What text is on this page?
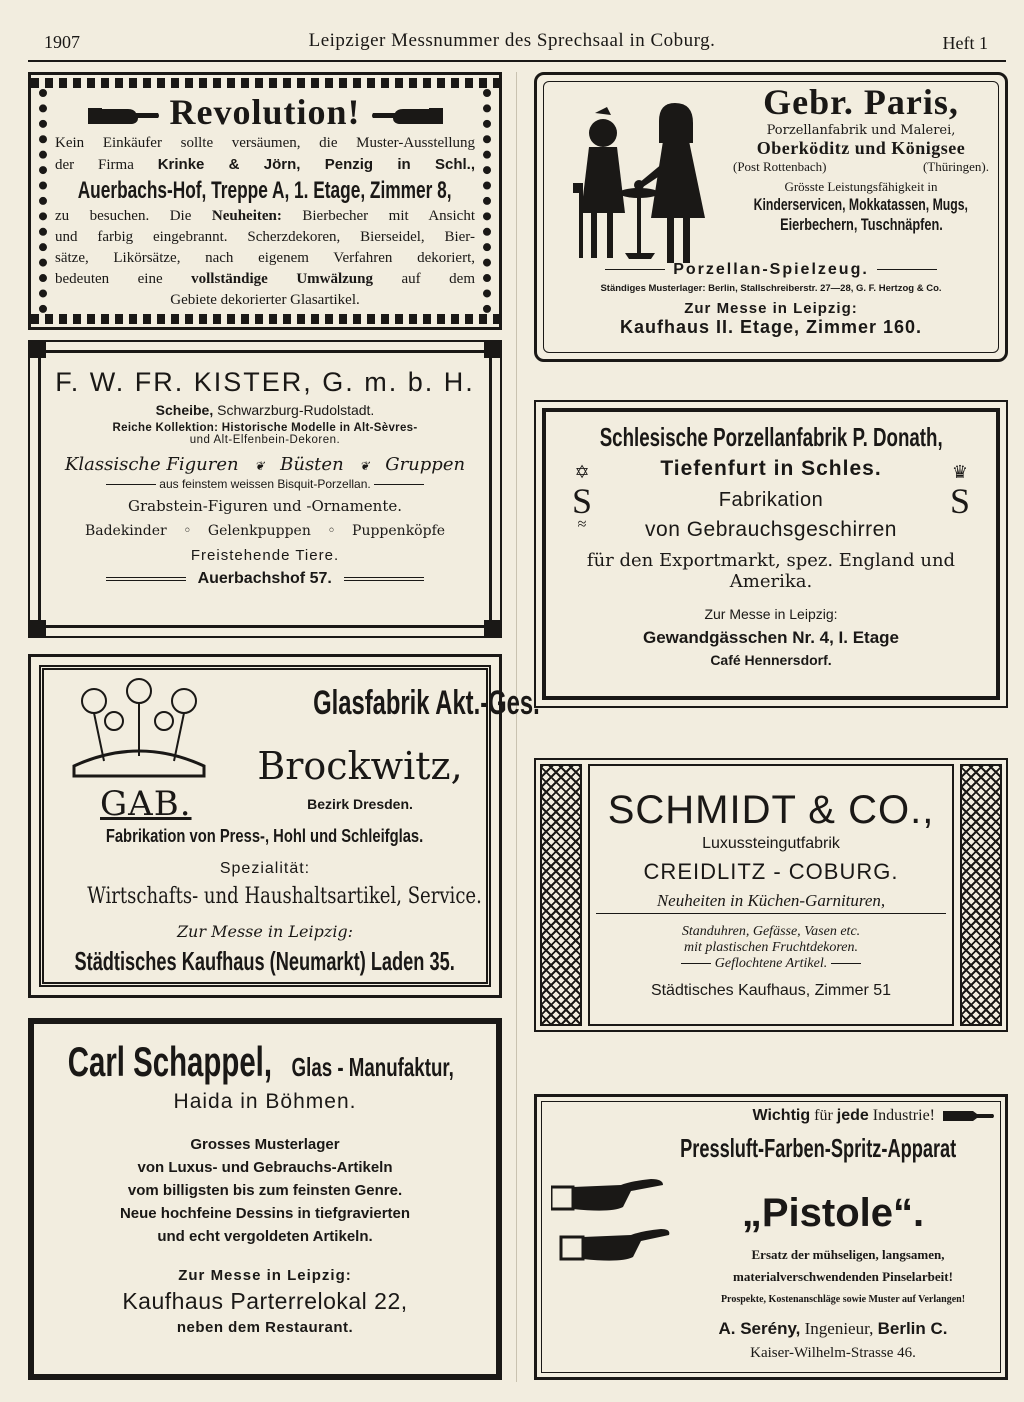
1907	Leipziger Messnummer des Sprechsaal in Coburg.	Heft 1
Revolution!
Kein Einkäufer sollte versäumen, die Muster-Ausstellung
der Firma Krinke & Jörn, Penzig in Schl.,
Auerbachs-Hof, Treppe A, 1. Etage, Zimmer 8,
zu besuchen. Die Neuheiten: Bierbecher mit Ansicht
und farbig eingebrannt. Scherzdekoren, Bierseidel, Bier-
sätze, Likörsätze, nach eigenem Verfahren dekoriert,
bedeuten eine vollständige Umwälzung auf dem
Gebiete dekorierter Glasartikel.
Gebr. Paris,
Porzellanfabrik und Malerei,
Oberköditz und Königsee
(Post Rottenbach)	(Thüringen).
Grösste Leistungsfähigkeit in
Kinderservicen, Mokkatassen, Mugs,
Eierbechern, Tuschnäpfen.
Porzellan-Spielzeug.
Ständiges Musterlager: Berlin, Stallschreiberstr. 27—28, G. F. Hertzog & Co.
Zur Messe in Leipzig:
Kaufhaus II. Etage, Zimmer 160.
F. W. FR. KISTER, G. m. b. H.
Scheibe, Schwarzburg-Rudolstadt.
Reiche Kollektion: Historische Modelle in Alt-Sèvres-
und Alt-Elfenbein-Dekoren.
Klassische Figuren ❦ Büsten ❦ Gruppen
aus feinstem weissen Bisquit-Porzellan.
Grabstein-Figuren und -Ornamente.
Badekinder ◦ Gelenkpuppen ◦ Puppenköpfe
Freistehende Tiere.
Auerbachshof 57.
Schlesische Porzellanfabrik P. Donath,
Tiefenfurt in Schles.
✡
S
≈
♛
S
Fabrikation
von Gebrauchsgeschirren
für den Exportmarkt, spez. England und Amerika.
Zur Messe in Leipzig:
Gewandgässchen Nr. 4, I. Etage
Café Hennersdorf.
GAB.
Glasfabrik Akt.-Ges.
Brockwitz,
Bezirk Dresden.
Fabrikation von Press-, Hohl und Schleifglas.
Spezialität:
Wirtschafts- und Haushaltsartikel, Service.
Zur Messe in Leipzig:
Städtisches Kaufhaus (Neumarkt) Laden 35.
SCHMIDT & CO.,
Luxussteingutfabrik
CREIDLITZ - COBURG.
Neuheiten in Küchen-Garnituren,
Standuhren, Gefässe, Vasen etc.
mit plastischen Fruchtdekoren.
Geflochtene Artikel.
Städtisches Kaufhaus, Zimmer 51
Carl Schappel, Glas - Manufaktur,
Haida in Böhmen.
Grosses Musterlager
von Luxus- und Gebrauchs-Artikeln
vom billigsten bis zum feinsten Genre.
Neue hochfeine Dessins in tiefgravierten
und echt vergoldeten Artikeln.
Zur Messe in Leipzig:
Kaufhaus Parterrelokal 22,
neben dem Restaurant.
Wichtig für jede Industrie!
Pressluft-Farben-Spritz-Apparat
„Pistole“.
Ersatz der mühseligen, langsamen,
materialverschwendenden Pinselarbeit!
Prospekte, Kostenanschläge sowie Muster auf Verlangen!
A. Serény, Ingenieur, Berlin C.
Kaiser-Wilhelm-Strasse 46.
